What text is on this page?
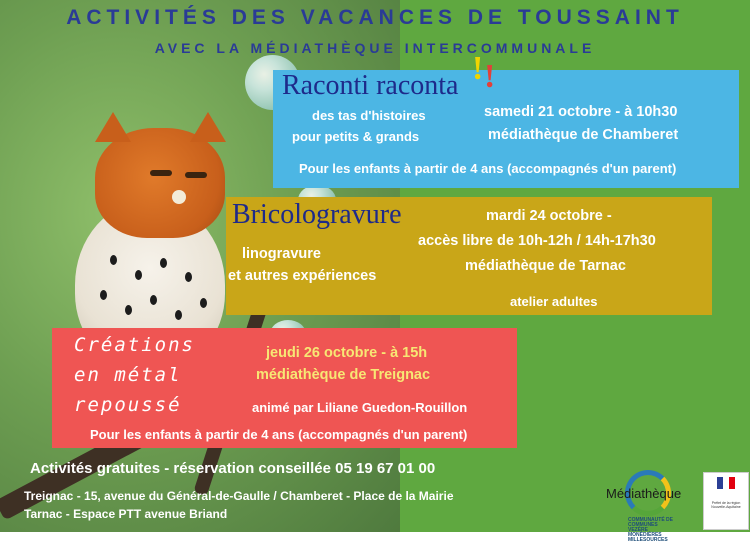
ACTIVITÉS DES VACANCES DE TOUSSAINT
AVEC LA MÉDIATHÈQUE INTERCOMMUNALE
Raconti raconta ! !
des tas d'histoires
pour petits & grands
samedi 21 octobre - à 10h30
médiathèque de Chamberet
Pour les enfants à partir de 4 ans (accompagnés d'un parent)
Bricologravure
linogravure
et autres expériences
mardi 24 octobre -
accès libre de 10h-12h / 14h-17h30
médiathèque de Tarnac
atelier adultes
Créations
en métal
repoussé
jeudi 26 octobre - à 15h
médiathèque de Treignac
animé par Liliane Guedon-Rouillon
Pour les enfants à partir de 4 ans (accompagnés d'un parent)
Activités gratuites - réservation conseillée 05 19 67 01 00
Treignac - 15, avenue du Général-de-Gaulle / Chamberet - Place de la Mairie
Tarnac - Espace PTT avenue Briand
Médiathèque
COMMUNAUTÉ DE COMMUNES VEZÈRE MONÉDIÈRES MILLESOURCES
Préfet de la région Nouvelle-Aquitaine
